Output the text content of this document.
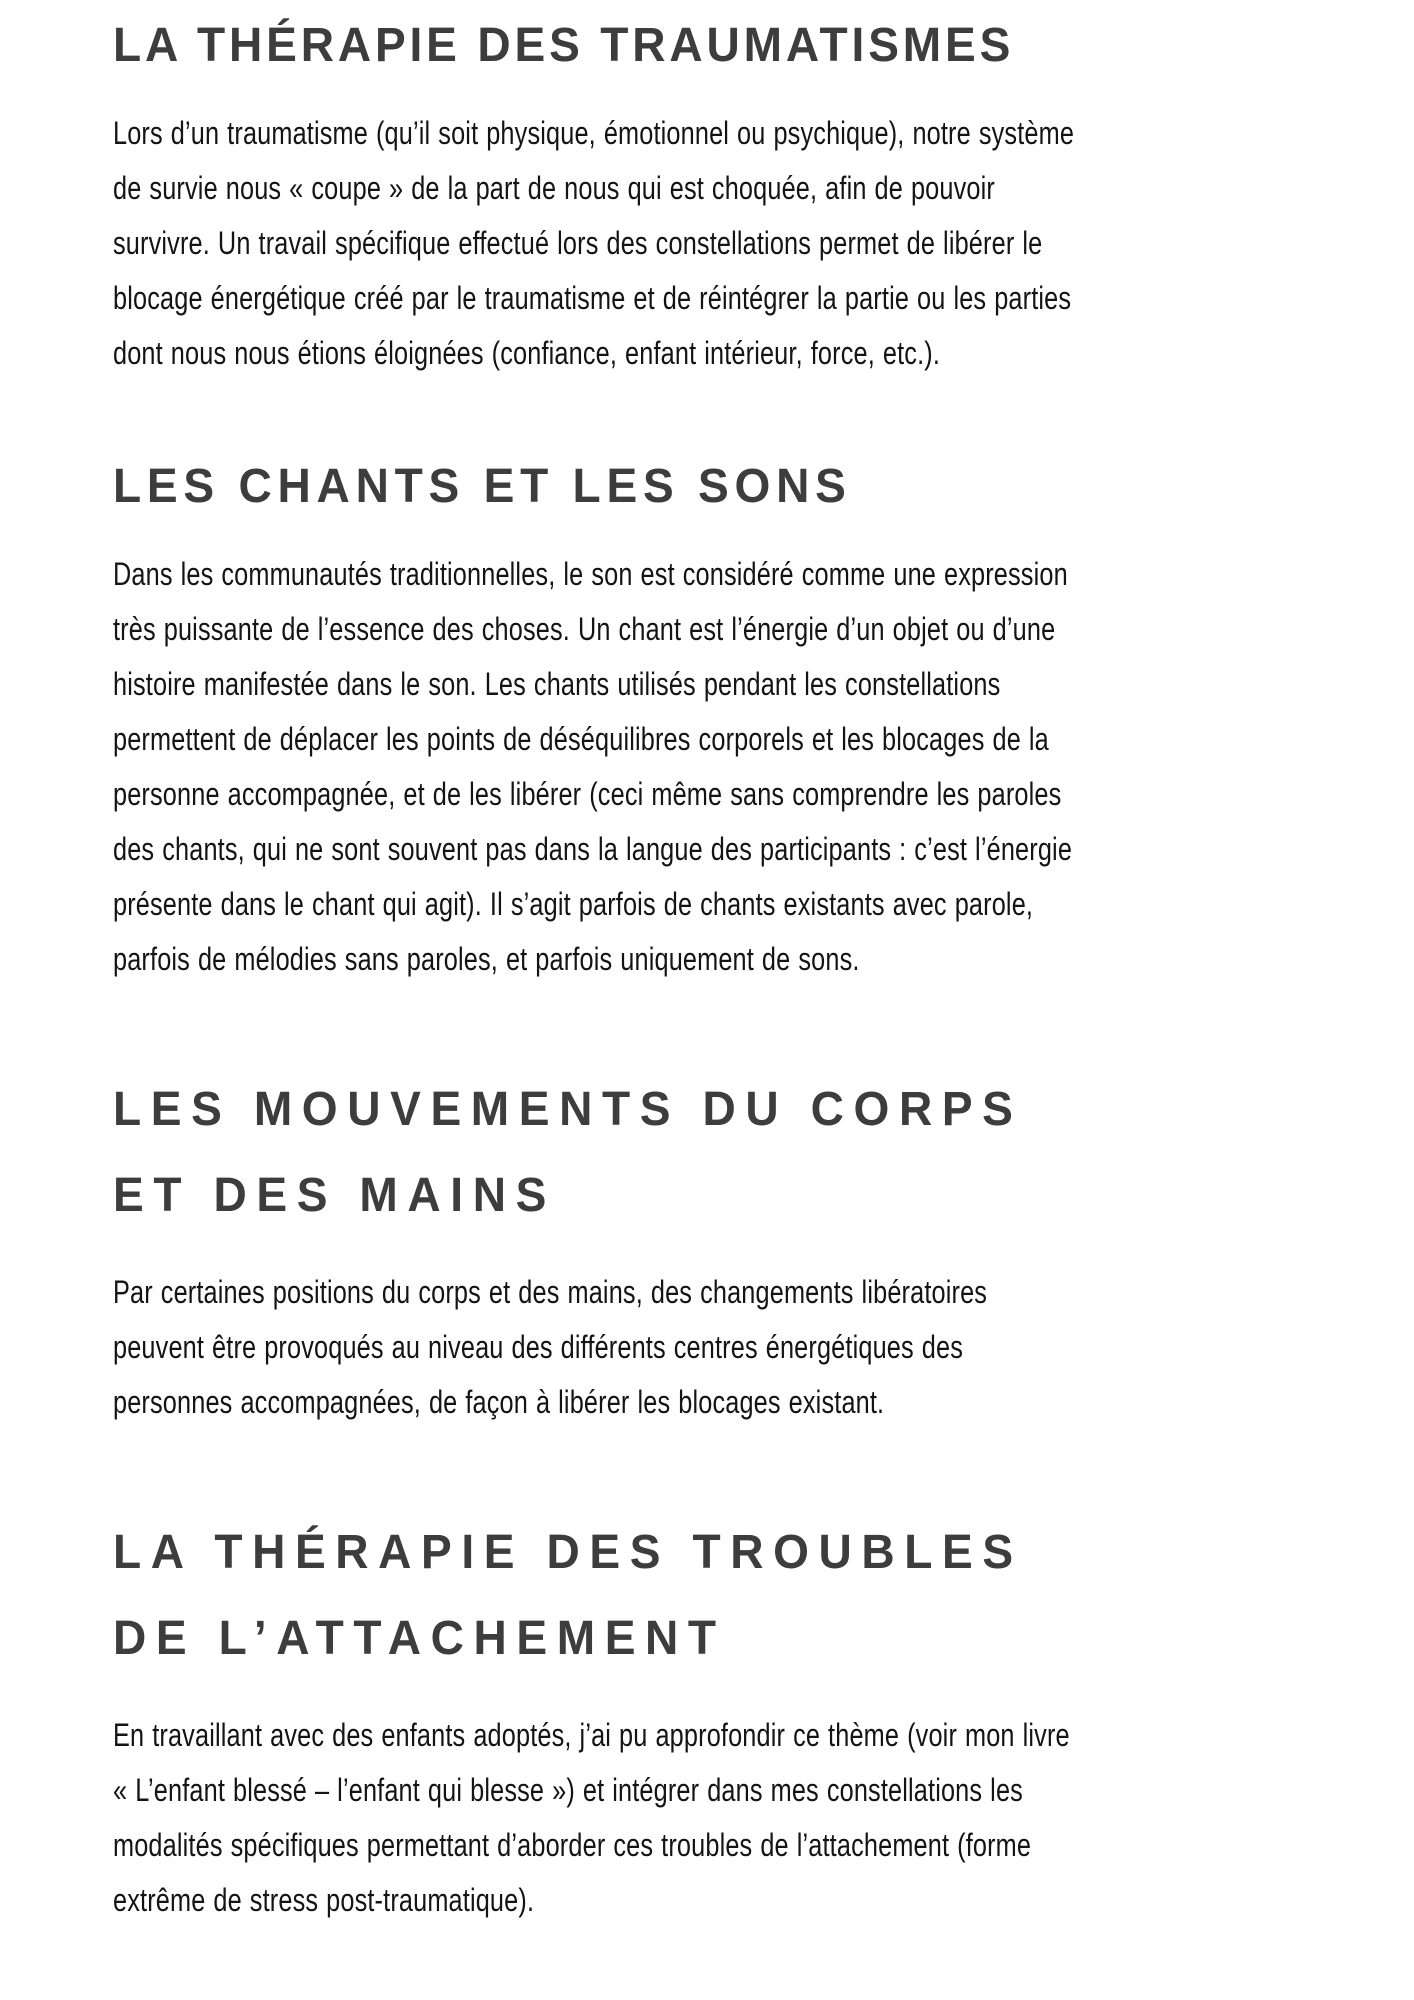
LA THÉRAPIE DES TRAUMATISMES

Lors d’un traumatisme (qu’il soit physique, émotionnel ou psychique), notre système de survie nous « coupe » de la part de nous qui est choquée, afin de pouvoir survivre. Un travail spécifique effectué lors des constellations permet de libérer le blocage énergétique créé par le traumatisme et de réintégrer la partie ou les parties dont nous nous étions éloignées (confiance, enfant intérieur, force, etc.).

LES CHANTS ET LES SONS

Dans les communautés traditionnelles, le son est considéré comme une expression très puissante de l’essence des choses. Un chant est l’énergie d’un objet ou d’une histoire manifestée dans le son. Les chants utilisés pendant les constellations permettent de déplacer les points de déséquilibres corporels et les blocages de la personne accompagnée, et de les libérer (ceci même sans comprendre les paroles des chants, qui ne sont souvent pas dans la langue des participants : c’est l’énergie présente dans le chant qui agit). Il s’agit parfois de chants existants avec parole, parfois de mélodies sans paroles, et parfois uniquement de sons.

LES MOUVEMENTS DU CORPS ET DES MAINS

Par certaines positions du corps et des mains, des changements libératoires peuvent être provoqués au niveau des différents centres énergétiques des personnes accompagnées, de façon à libérer les blocages existant.

LA THÉRAPIE DES TROUBLES DE L’ATTACHEMENT

En travaillant avec des enfants adoptés, j’ai pu approfondir ce thème (voir mon livre « L’enfant blessé – l’enfant qui blesse ») et intégrer dans mes constellations les modalités spécifiques permettant d’aborder ces troubles de l’attachement (forme extrême de stress post-traumatique).
